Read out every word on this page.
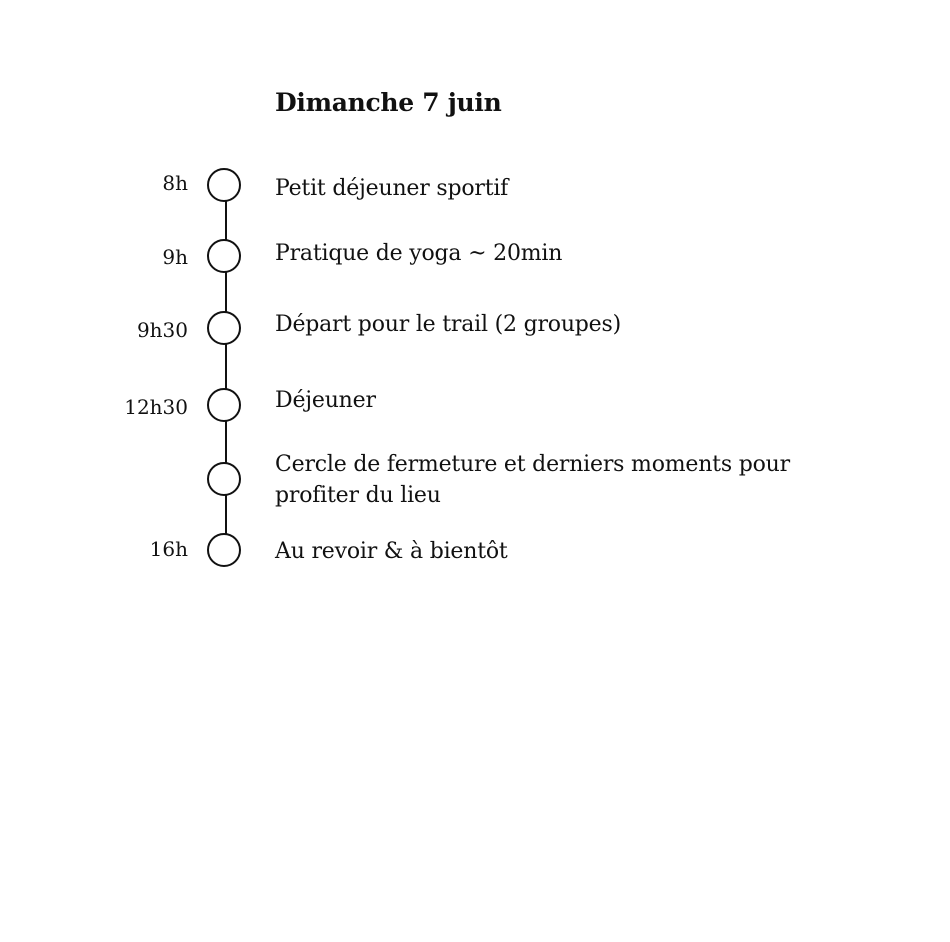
Dimanche 7 juin
8h	Petit déjeuner sportif
9h	Pratique de yoga ~ 20min
9h30	Départ pour le trail (2 groupes)
12h30	Déjeuner
Cercle de fermeture et derniers moments pour profiter du lieu
16h	Au revoir & à bientôt
